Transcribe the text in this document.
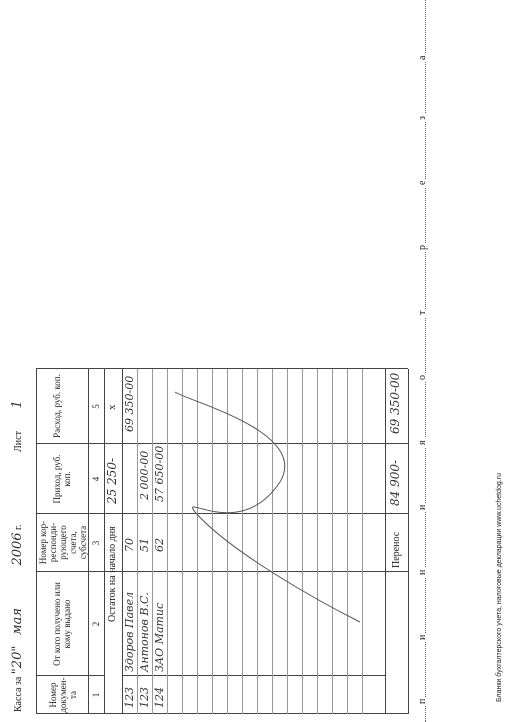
Касса за "20" мая 2006 г.
Лист 1
Номер докумен-та
От кого получено или кому выдано
Номер кор-респонди-рующего счета, субсчета
Приход, руб. коп.
Расход, руб. коп.
1
2
3
4
5
Остаток на начало дня
25 250-
x
123
Здоров Павел
70
69 350-00
123
Антонов В.С.
51
2 000-00
124
ЗАО Матис
62
57 650-00
Перенос
84 900-
69 350-00
п
и
н
и
я
о
т
р
е
з
а
Бланки бухгалтерского учета, налоговые декларации www.uchetdog.ru
